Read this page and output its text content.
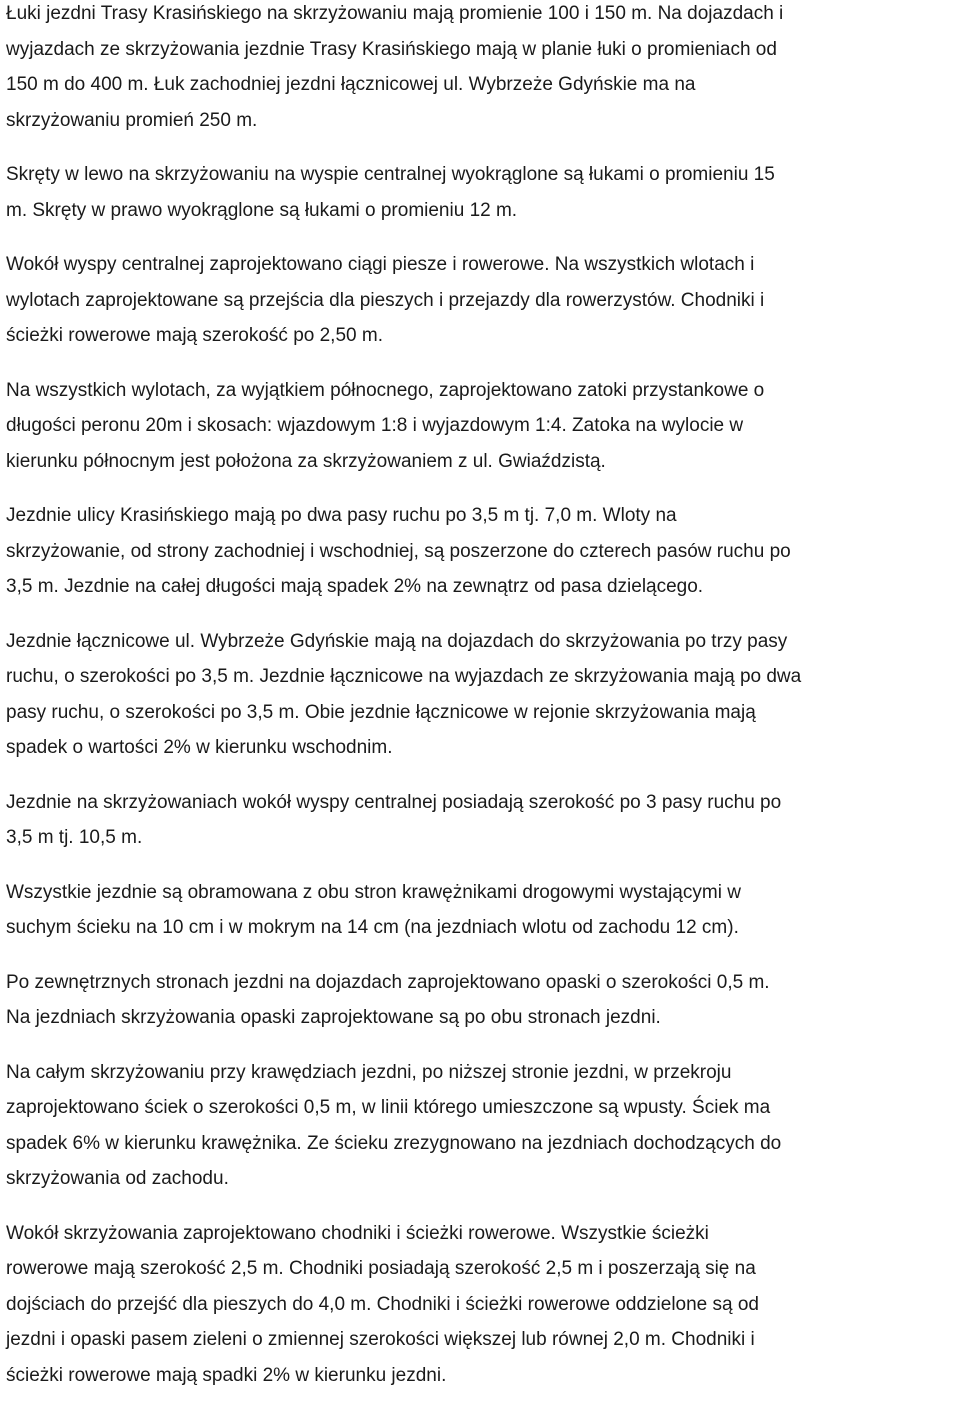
Łuki jezdni Trasy Krasińskiego na skrzyżowaniu mają promienie 100 i 150 m. Na dojazdach i
wyjazdach ze skrzyżowania jezdnie Trasy Krasińskiego mają w planie łuki o promieniach od
150 m do 400 m. Łuk zachodniej jezdni łącznicowej ul. Wybrzeże Gdyńskie ma na
skrzyżowaniu promień 250 m.

Skręty w lewo na skrzyżowaniu na wyspie centralnej wyokrąglone są łukami o promieniu 15
m. Skręty w prawo wyokrąglone są łukami o promieniu 12 m.

Wokół wyspy centralnej zaprojektowano ciągi piesze i rowerowe. Na wszystkich wlotach i
wylotach zaprojektowane są przejścia dla pieszych i przejazdy dla rowerzystów. Chodniki i
ścieżki rowerowe mają szerokość po 2,50 m.

Na wszystkich wylotach, za wyjątkiem północnego, zaprojektowano zatoki przystankowe o
długości peronu 20m i skosach: wjazdowym 1:8 i wyjazdowym 1:4. Zatoka na wylocie w
kierunku północnym jest położona za skrzyżowaniem z ul. Gwiaździstą.

Jezdnie ulicy Krasińskiego mają po dwa pasy ruchu po 3,5 m tj. 7,0 m. Wloty na
skrzyżowanie, od strony zachodniej i wschodniej, są poszerzone do czterech pasów ruchu po
3,5 m. Jezdnie na całej długości mają spadek 2% na zewnątrz od pasa dzielącego.

Jezdnie łącznicowe ul. Wybrzeże Gdyńskie mają na dojazdach do skrzyżowania po trzy pasy
ruchu, o szerokości po 3,5 m. Jezdnie łącznicowe na wyjazdach ze skrzyżowania mają po dwa
pasy ruchu, o szerokości po 3,5 m. Obie jezdnie łącznicowe w rejonie skrzyżowania mają
spadek o wartości 2% w kierunku wschodnim.

Jezdnie na skrzyżowaniach wokół wyspy centralnej posiadają szerokość po 3 pasy ruchu po
3,5 m tj. 10,5 m.

Wszystkie jezdnie są obramowana z obu stron krawężnikami drogowymi wystającymi w
suchym ścieku na 10 cm i w mokrym na 14 cm (na jezdniach wlotu od zachodu 12 cm).

Po zewnętrznych stronach jezdni na dojazdach zaprojektowano opaski o szerokości 0,5 m.
Na jezdniach skrzyżowania opaski zaprojektowane są po obu stronach jezdni.

Na całym skrzyżowaniu przy krawędziach jezdni, po niższej stronie jezdni, w przekroju
zaprojektowano ściek o szerokości 0,5 m, w linii którego umieszczone są wpusty. Ściek ma
spadek 6% w kierunku krawężnika. Ze ścieku zrezygnowano na jezdniach dochodzących do
skrzyżowania od zachodu.

Wokół skrzyżowania zaprojektowano chodniki i ścieżki rowerowe. Wszystkie ścieżki
rowerowe mają szerokość 2,5 m. Chodniki posiadają szerokość 2,5 m i poszerzają się na
dojściach do przejść dla pieszych do 4,0 m. Chodniki i ścieżki rowerowe oddzielone są od
jezdni i opaski pasem zieleni o zmiennej szerokości większej lub równej 2,0 m. Chodniki i
ścieżki rowerowe mają spadki 2% w kierunku jezdni.
